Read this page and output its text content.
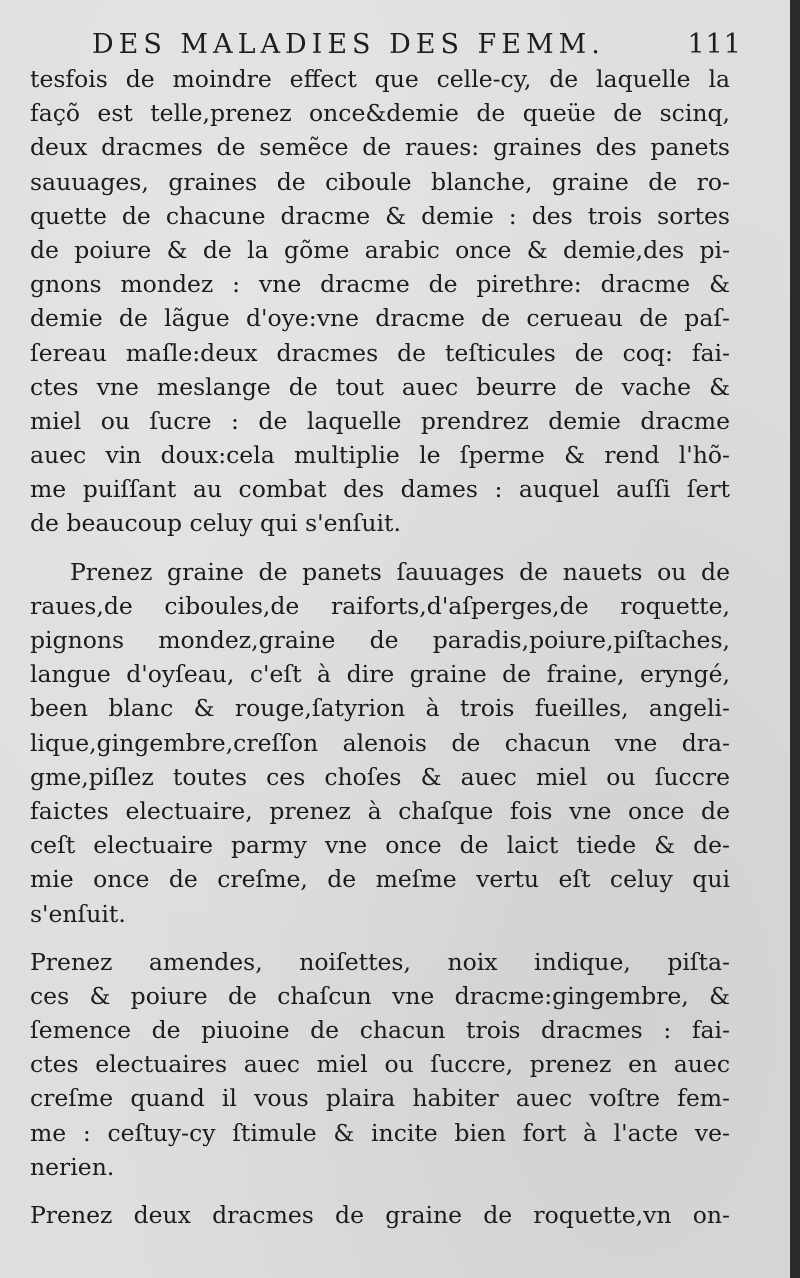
DES MALADIES DES FEMM.	111
tesfois de moindre effect que celle-cy, de laquelle la
façõ est telle,prenez once&demie de queüe de scinq,
deux dracmes de semẽce de raues: graines des panets
sauuages, graines de ciboule blanche, graine de ro-
quette de chacune dracme & demie : des trois sortes
de poiure & de la gõme arabic once & demie,des pi-
gnons mondez : vne dracme de pirethre: dracme &
demie de lãgue d'oye:vne dracme de cerueau de paſ-
ſereau maſle:deux dracmes de teſticules de coq: fai-
ctes vne meslange de tout auec beurre de vache &
miel ou ſucre : de laquelle prendrez demie dracme
auec vin doux:cela multiplie le ſperme & rend l'hõ-
me puiſſant au combat des dames : auquel auſſi ſert
de beaucoup celuy qui s'enſuit.
Prenez graine de panets ſauuages de nauets ou de
raues,de ciboules,de raiforts,d'aſperges,de roquette,
pignons mondez,graine de paradis,poiure,piſtaches,
langue d'oyſeau, c'eſt à dire graine de fraine, eryngé,
been blanc & rouge,ſatyrion à trois fueilles, angeli-
lique,gingembre,creſſon alenois de chacun vne dra-
gme,piſlez toutes ces choſes & auec miel ou ſuccre
faictes electuaire, prenez à chaſque fois vne once de
ceſt electuaire parmy vne once de laict tiede & de-
mie once de creſme, de meſme vertu eſt celuy qui
s'enſuit.
Prenez amendes, noiſettes, noix indique, piſta-
ces & poiure de chaſcun vne dracme:gingembre, &
ſemence de piuoine de chacun trois dracmes : fai-
ctes electuaires auec miel ou ſuccre, prenez en auec
creſme quand il vous plaira habiter auec voſtre fem-
me : ceſtuy-cy ſtimule & incite bien fort à l'acte ve-
nerien.
Prenez deux dracmes de graine de roquette,vn on-
